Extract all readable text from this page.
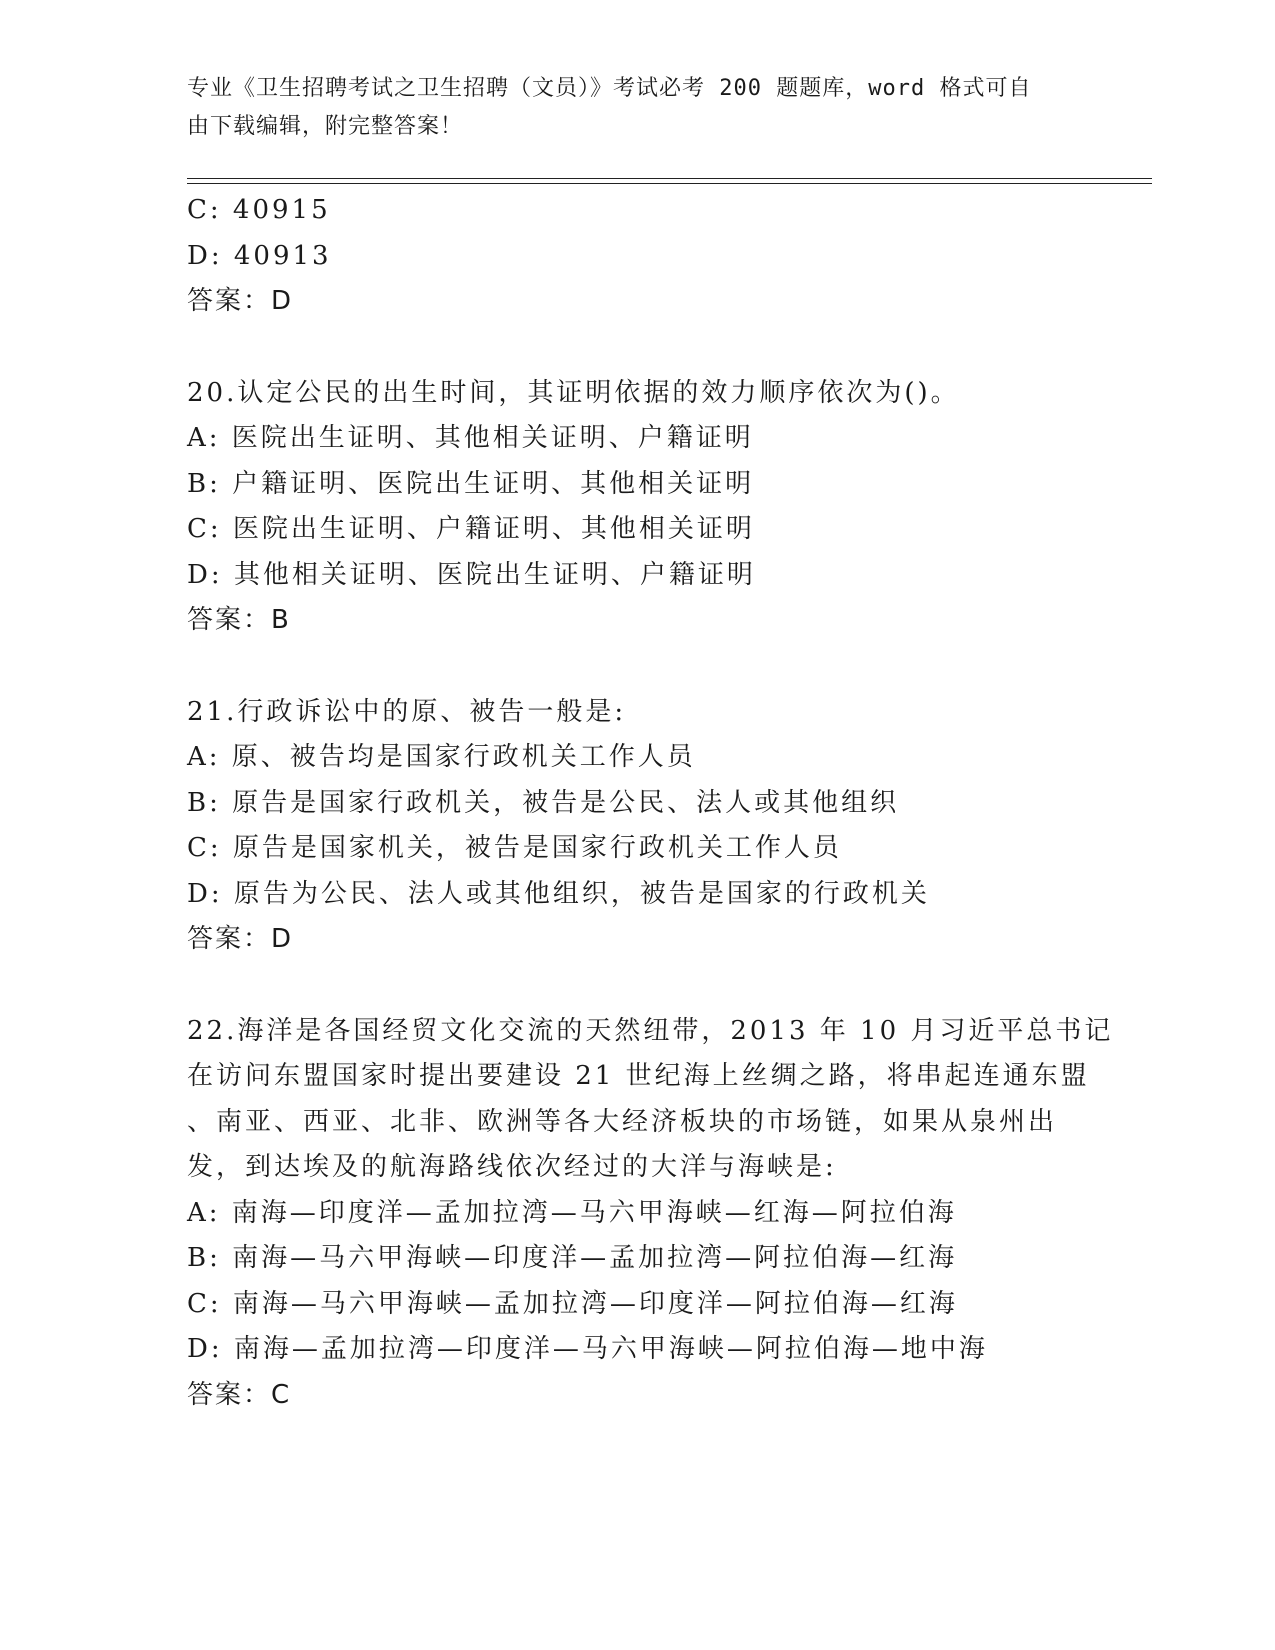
专业《卫生招聘考试之卫生招聘（文员）》考试必考 200 题题库，word 格式可自
由下载编辑，附完整答案！
C: 40915
D: 40913
答案：D
20.认定公民的出生时间，其证明依据的效力顺序依次为()。
A: 医院出生证明、其他相关证明、户籍证明
B: 户籍证明、医院出生证明、其他相关证明
C: 医院出生证明、户籍证明、其他相关证明
D: 其他相关证明、医院出生证明、户籍证明
答案：B
21.行政诉讼中的原、被告一般是:
A: 原、被告均是国家行政机关工作人员
B: 原告是国家行政机关，被告是公民、法人或其他组织
C: 原告是国家机关，被告是国家行政机关工作人员
D: 原告为公民、法人或其他组织，被告是国家的行政机关
答案：D
22.海洋是各国经贸文化交流的天然纽带，2013 年 10 月习近平总书记
在访问东盟国家时提出要建设 21 世纪海上丝绸之路，将串起连通东盟
、南亚、西亚、北非、欧洲等各大经济板块的市场链，如果从泉州出
发，到达埃及的航海路线依次经过的大洋与海峡是:
A: 南海—印度洋—孟加拉湾—马六甲海峡—红海—阿拉伯海
B: 南海—马六甲海峡—印度洋—孟加拉湾—阿拉伯海—红海
C: 南海—马六甲海峡—孟加拉湾—印度洋—阿拉伯海—红海
D: 南海—孟加拉湾—印度洋—马六甲海峡—阿拉伯海—地中海
答案：C
